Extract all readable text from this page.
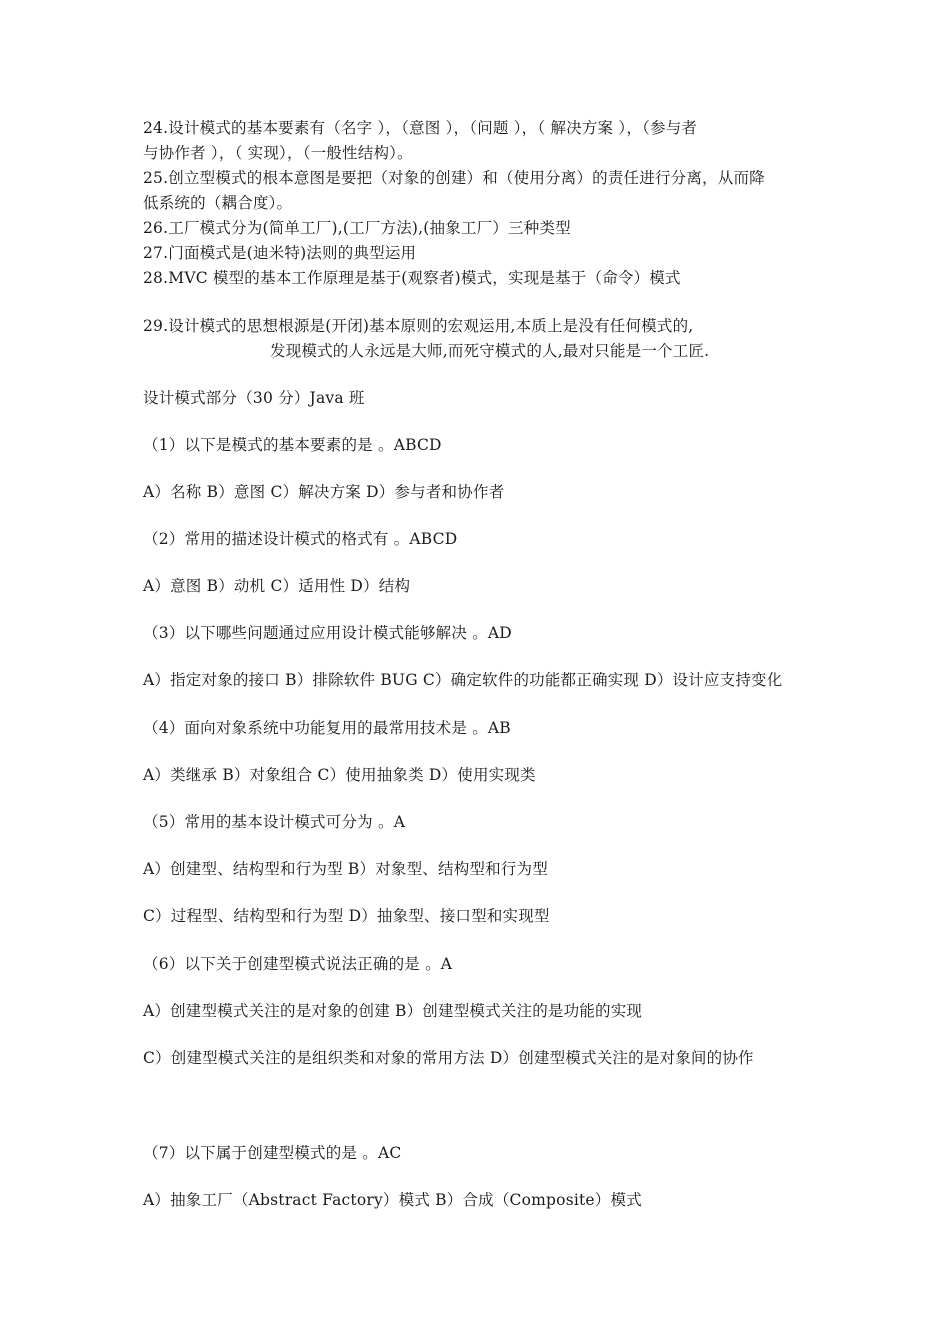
24.设计模式的基本要素有（名字 ），（意图 ），（问题 ），（ 解决方案 ），（参与者
与协作者 ），（ 实现），（一般性结构）。
25.创立型模式的根本意图是要把（对象的创建）和（使用分离）的责任进行分离，从而降
低系统的（耦合度）。
26.工厂模式分为(简单工厂),(工厂方法),(抽象工厂）三种类型
27.门面模式是(迪米特)法则的典型运用
28.MVC 模型的基本工作原理是基于(观察者)模式，实现是基于（命令）模式
29.设计模式的思想根源是(开闭)基本原则的宏观运用,本质上是没有任何模式的,
发现模式的人永远是大师,而死守模式的人,最对只能是一个工匠.
设计模式部分（30 分）Java 班
（1）以下是模式的基本要素的是 。ABCD
A）名称 B）意图 C）解决方案 D）参与者和协作者
（2）常用的描述设计模式的格式有 。ABCD
A）意图 B）动机 C）适用性 D）结构
（3）以下哪些问题通过应用设计模式能够解决 。AD
A）指定对象的接口 B）排除软件 BUG C）确定软件的功能都正确实现 D）设计应支持变化
（4）面向对象系统中功能复用的最常用技术是 。AB
A）类继承 B）对象组合 C）使用抽象类 D）使用实现类
（5）常用的基本设计模式可分为 。A
A）创建型、结构型和行为型 B）对象型、结构型和行为型
C）过程型、结构型和行为型 D）抽象型、接口型和实现型
（6）以下关于创建型模式说法正确的是 。A
A）创建型模式关注的是对象的创建 B）创建型模式关注的是功能的实现
C）创建型模式关注的是组织类和对象的常用方法 D）创建型模式关注的是对象间的协作
（7）以下属于创建型模式的是 。AC
A）抽象工厂（Abstract Factory）模式 B）合成（Composite）模式
